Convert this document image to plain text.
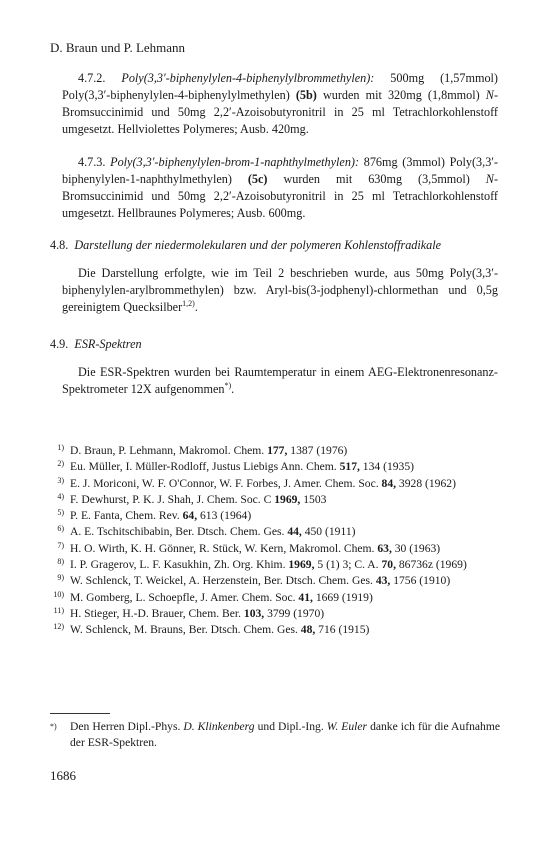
D. Braun und P. Lehmann
4.7.2. Poly(3,3′-biphenylylen-4-biphenylylbrommethylen): 500mg (1,57mmol) Poly(3,3′-biphenylylen-4-biphenylylmethylen) (5b) wurden mit 320mg (1,8mmol) N-Bromsuccinimid und 50mg 2,2′-Azoisobutyronitril in 25 ml Tetrachlorkohlenstoff umgesetzt. Hellviolettes Polymeres; Ausb. 420mg.
4.7.3. Poly(3,3′-biphenylylen-brom-1-naphthylmethylen): 876mg (3mmol) Poly(3,3′-biphenylylen-1-naphthylmethylen) (5c) wurden mit 630mg (3,5mmol) N-Bromsuccinimid und 50mg 2,2′-Azoisobutyronitril in 25 ml Tetrachlorkohlenstoff umgesetzt. Hellbraunes Polymeres; Ausb. 600mg.
4.8. Darstellung der niedermolekularen und der polymeren Kohlenstoffradikale
Die Darstellung erfolgte, wie im Teil 2 beschrieben wurde, aus 50mg Poly(3,3′-biphenylylen-arylbrommethylen) bzw. Aryl-bis(3-jodphenyl)-chlormethan und 0,5g gereinigtem Quecksilber$^{1,2)}$.
4.9. ESR-Spektren
Die ESR-Spektren wurden bei Raumtemperatur in einem AEG-Elektronenresonanz-Spektrometer 12X aufgenommen*).
1) D. Braun, P. Lehmann, Makromol. Chem. 177, 1387 (1976)
2) Eu. Müller, I. Müller-Rodloff, Justus Liebigs Ann. Chem. 517, 134 (1935)
3) E. J. Moriconi, W. F. O'Connor, W. F. Forbes, J. Amer. Chem. Soc. 84, 3928 (1962)
4) F. Dewhurst, P. K. J. Shah, J. Chem. Soc. C 1969, 1503
5) P. E. Fanta, Chem. Rev. 64, 613 (1964)
6) A. E. Tschitschibabin, Ber. Dtsch. Chem. Ges. 44, 450 (1911)
7) H. O. Wirth, K. H. Gönner, R. Stück, W. Kern, Makromol. Chem. 63, 30 (1963)
8) I. P. Gragerov, L. F. Kasukhin, Zh. Org. Khim. 1969, 5 (1) 3; C. A. 70, 86736z (1969)
9) W. Schlenck, T. Weickel, A. Herzenstein, Ber. Dtsch. Chem. Ges. 43, 1756 (1910)
10) M. Gomberg, L. Schoepfle, J. Amer. Chem. Soc. 41, 1669 (1919)
11) H. Stieger, H.-D. Brauer, Chem. Ber. 103, 3799 (1970)
12) W. Schlenck, M. Brauns, Ber. Dtsch. Chem. Ges. 48, 716 (1915)
*)	Den Herren Dipl.-Phys. D. Klinkenberg und Dipl.-Ing. W. Euler danke ich für die Aufnahme der ESR-Spektren.
1686
